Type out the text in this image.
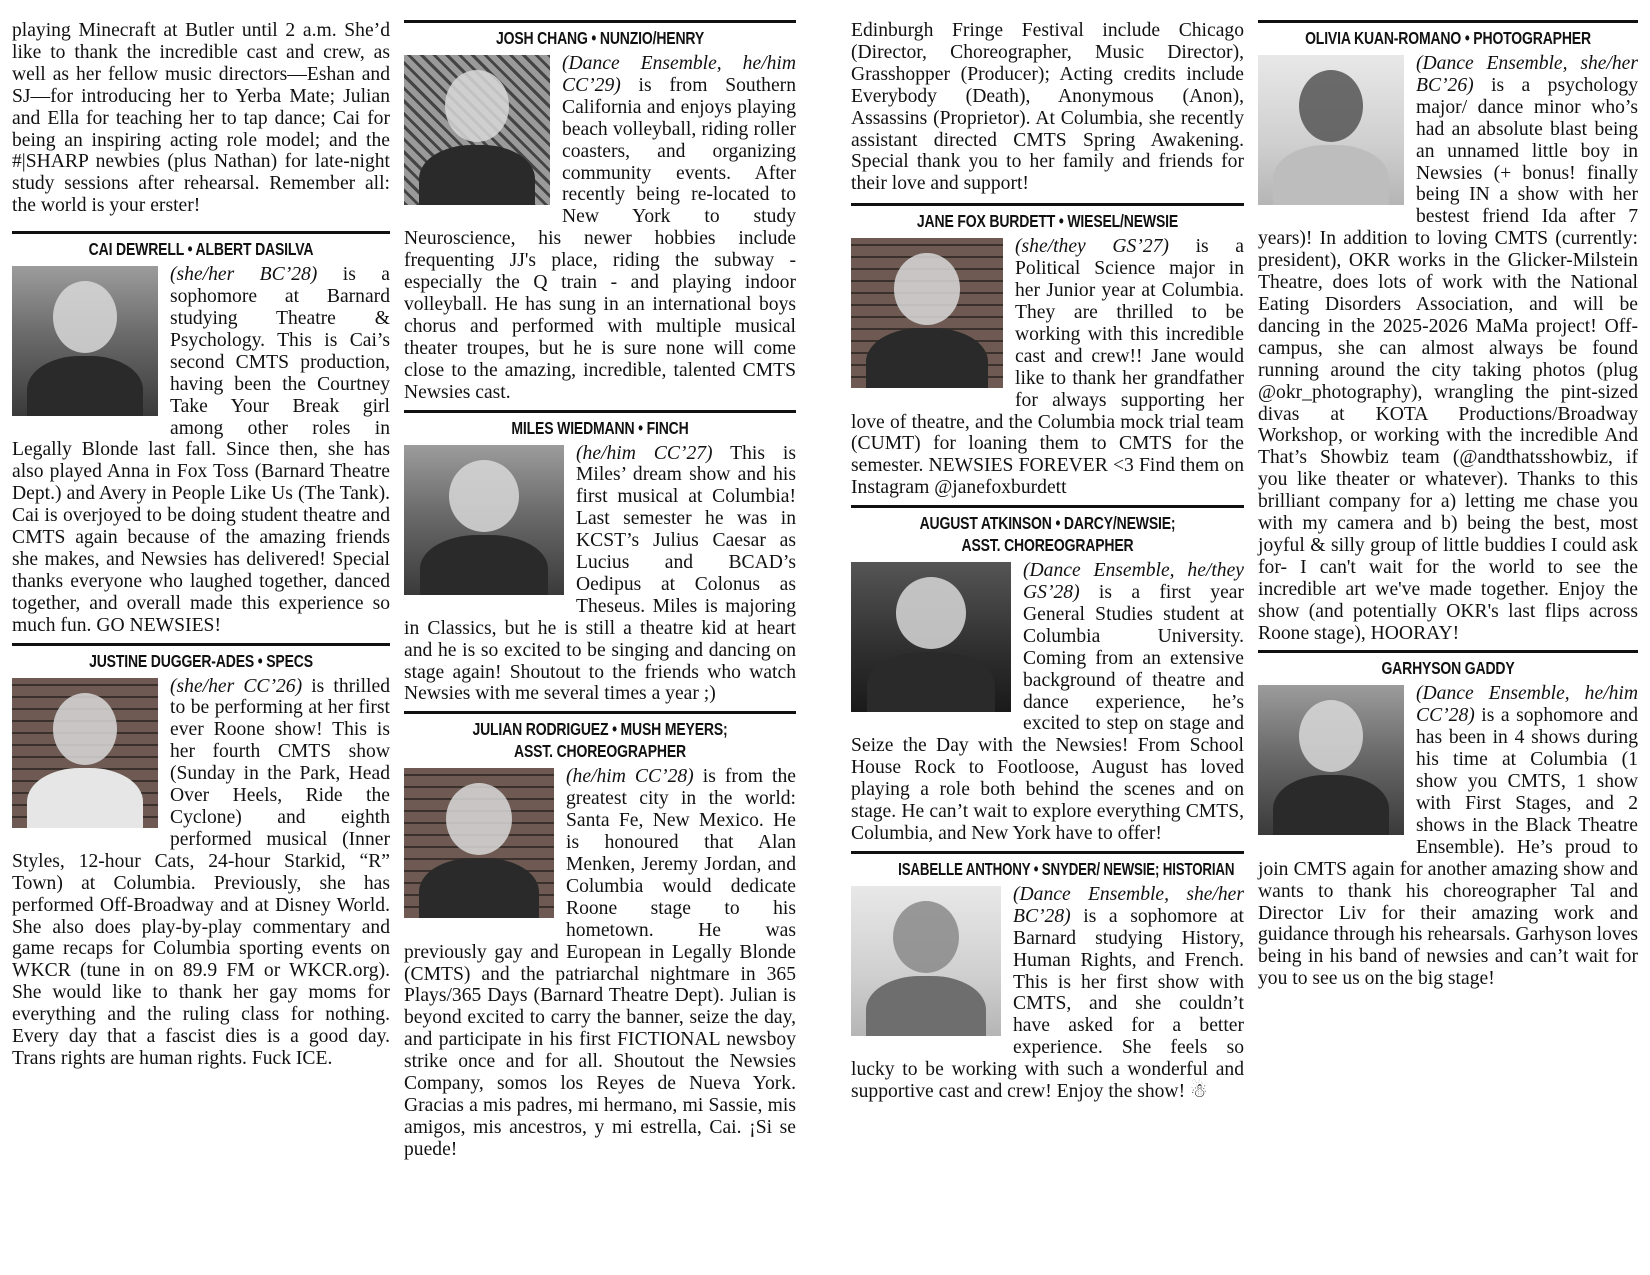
playing Minecraft at Butler until 2 a.m. She’d like to thank the incredible cast and crew, as well as her fellow music directors—Eshan and SJ—for introducing her to Yerba Mate; Julian and Ella for teaching her to tap dance; Cai for being an inspiring acting role model; and the #|SHARP newbies (plus Nathan) for late-night study sessions after rehearsal. Remember all: the world is your erster!

CAI DEWRELL • ALBERT DASILVA

(she/her BC’28) is a sophomore at Barnard studying Theatre & Psychology. This is Cai’s second CMTS production, having been the Courtney Take Your Break girl among other roles in Legally Blonde last fall. Since then, she has also played Anna in Fox Toss (Barnard Theatre Dept.) and Avery in People Like Us (The Tank). Cai is overjoyed to be doing student theatre and CMTS again because of the amazing friends she makes, and Newsies has delivered! Special thanks everyone who laughed together, danced together, and overall made this experience so much fun. GO NEWSIES!

JUSTINE DUGGER-ADES • SPECS

(she/her CC’26) is thrilled to be performing at her first ever Roone show! This is her fourth CMTS show (Sunday in the Park, Head Over Heels, Ride the Cyclone) and eighth performed musical (Inner Styles, 12-hour Cats, 24-hour Starkid, “R” Town) at Columbia. Previously, she has performed Off-Broadway and at Disney World. She also does play-by-play commentary and game recaps for Columbia sporting events on WKCR (tune in on 89.9 FM or WKCR.org). She would like to thank her gay moms for everything and the ruling class for nothing. Every day that a fascist dies is a good day. Trans rights are human rights. Fuck ICE.

JOSH CHANG • NUNZIO/HENRY

(Dance Ensemble, he/him CC’29) is from Southern California and enjoys playing beach volleyball, riding roller coasters, and organizing community events. After recently being re-located to New York to study Neuroscience, his newer hobbies include frequenting JJ's place, riding the subway - especially the Q train - and playing indoor volleyball. He has sung in an international boys chorus and performed with multiple musical theater troupes, but he is sure none will come close to the amazing, incredible, talented CMTS Newsies cast.

MILES WIEDMANN • FINCH

(he/him CC’27) This is Miles’ dream show and his first musical at Columbia! Last semester he was in KCST’s Julius Caesar as Lucius and BCAD’s Oedipus at Colonus as Theseus. Miles is majoring in Classics, but he is still a theatre kid at heart and he is so excited to be singing and dancing on stage again! Shoutout to the friends who watch Newsies with me several times a year ;)

JULIAN RODRIGUEZ • MUSH MEYERS;
ASST. CHOREOGRAPHER

(he/him CC’28) is from the greatest city in the world: Santa Fe, New Mexico. He is honoured that Alan Menken, Jeremy Jordan, and Columbia would dedicate Roone stage to his hometown. He was previously gay and European in Legally Blonde (CMTS) and the patriarchal nightmare in 365 Plays/365 Days (Barnard Theatre Dept). Julian is beyond excited to carry the banner, seize the day, and participate in his first FICTIONAL newsboy strike once and for all. Shoutout the Newsies Company, somos los Reyes de Nueva York. Gracias a mis padres, mi hermano, mi Sassie, mis amigos, mis ancestros, y mi estrella, Cai. ¡Si se puede!

Edinburgh Fringe Festival include Chicago (Director, Choreographer, Music Director), Grasshopper (Producer); Acting credits include Everybody (Death), Anonymous (Anon), Assassins (Proprietor). At Columbia, she recently assistant directed CMTS Spring Awakening. Special thank you to her family and friends for their love and support!

JANE FOX BURDETT • WIESEL/NEWSIE

(she/they GS’27) is a Political Science major in her Junior year at Columbia. They are thrilled to be working with this incredible cast and crew!! Jane would like to thank her grandfather for always supporting her love of theatre, and the Columbia mock trial team (CUMT) for loaning them to CMTS for the semester. NEWSIES FOREVER <3 Find them on Instagram @janefoxburdett

AUGUST ATKINSON • DARCY/NEWSIE;
ASST. CHOREOGRAPHER

(Dance Ensemble, he/they GS’28) is a first year General Studies student at Columbia University. Coming from an extensive background of theatre and dance experience, he’s excited to step on stage and Seize the Day with the Newsies! From School House Rock to Footloose, August has loved playing a role both behind the scenes and on stage. He can’t wait to explore everything CMTS, Columbia, and New York have to offer!

ISABELLE ANTHONY • SNYDER/ NEWSIE; HISTORIAN

(Dance Ensemble, she/her BC’28) is a sophomore at Barnard studying History, Human Rights, and French. This is her first show with CMTS, and she couldn’t have asked for a better experience. She feels so lucky to be working with such a wonderful and supportive cast and crew! Enjoy the show! ☃

OLIVIA KUAN-ROMANO • PHOTOGRAPHER

(Dance Ensemble, she/her BC’26) is a psychology major/ dance minor who’s had an absolute blast being an unnamed little boy in Newsies (+ bonus! finally being IN a show with her bestest friend Ida after 7 years)! In addition to loving CMTS (currently: president), OKR works in the Glicker-Milstein Theatre, does lots of work with the National Eating Disorders Association, and will be dancing in the 2025-2026 MaMa project! Off-campus, she can almost always be found running around the city taking photos (plug @okr_photography), wrangling the pint-sized divas at KOTA Productions/Broadway Workshop, or working with the incredible And That’s Showbiz team (@andthatsshowbiz, if you like theater or whatever). Thanks to this brilliant company for a) letting me chase you with my camera and b) being the best, most joyful & silly group of little buddies I could ask for- I can't wait for the world to see the incredible art we've made together. Enjoy the show (and potentially OKR's last flips across Roone stage), HOORAY!

GARHYSON GADDY

(Dance Ensemble, he/him CC’28) is a sophomore and has been in 4 shows during his time at Columbia (1 show you CMTS, 1 show with First Stages, and 2 shows in the Black Theatre Ensemble). He’s proud to join CMTS again for another amazing show and wants to thank his choreographer Tal and Director Liv for their amazing work and guidance through his rehearsals. Garhyson loves being in his band of newsies and can’t wait for you to see us on the big stage!
